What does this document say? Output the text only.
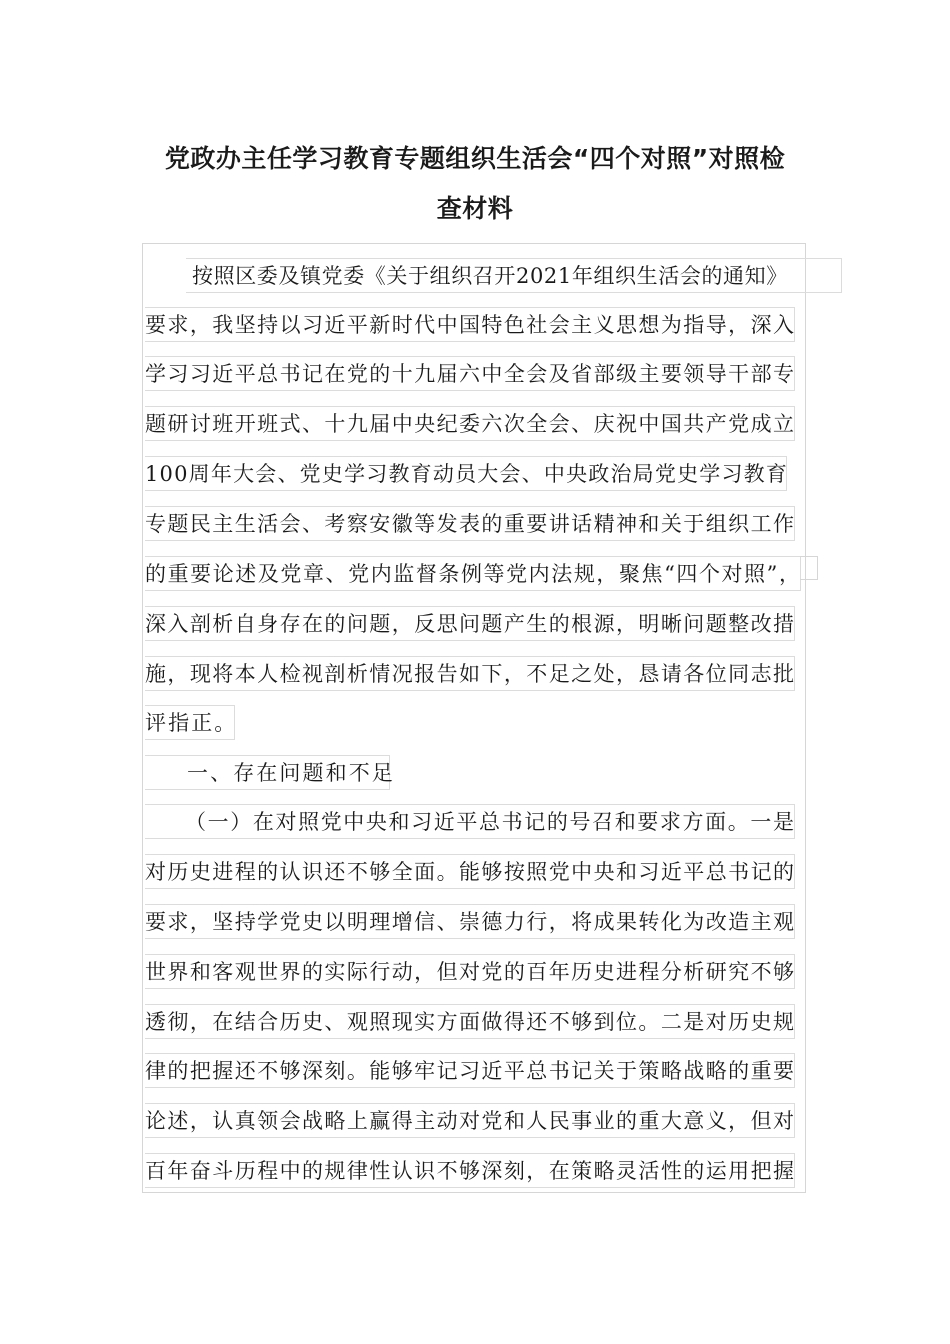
党政办主任学习教育专题组织生活会“四个对照”对照检
查材料
按照区委及镇党委《关于组织召开2021年组织生活会的通知》
要求，我坚持以习近平新时代中国特色社会主义思想为指导，深入
学习习近平总书记在党的十九届六中全会及省部级主要领导干部专
题研讨班开班式、十九届中央纪委六次全会、庆祝中国共产党成立
100周年大会、党史学习教育动员大会、中央政治局党史学习教育
专题民主生活会、考察安徽等发表的重要讲话精神和关于组织工作
的重要论述及党章、党内监督条例等党内法规，聚焦“四个对照”，
深入剖析自身存在的问题，反思问题产生的根源，明晰问题整改措
施，现将本人检视剖析情况报告如下，不足之处，恳请各位同志批
评指正。
一、存在问题和不足
（一）在对照党中央和习近平总书记的号召和要求方面。一是
对历史进程的认识还不够全面。能够按照党中央和习近平总书记的
要求，坚持学党史以明理增信、崇德力行，将成果转化为改造主观
世界和客观世界的实际行动，但对党的百年历史进程分析研究不够
透彻，在结合历史、观照现实方面做得还不够到位。二是对历史规
律的把握还不够深刻。能够牢记习近平总书记关于策略战略的重要
论述，认真领会战略上赢得主动对党和人民事业的重大意义，但对
百年奋斗历程中的规律性认识不够深刻，在策略灵活性的运用把握
